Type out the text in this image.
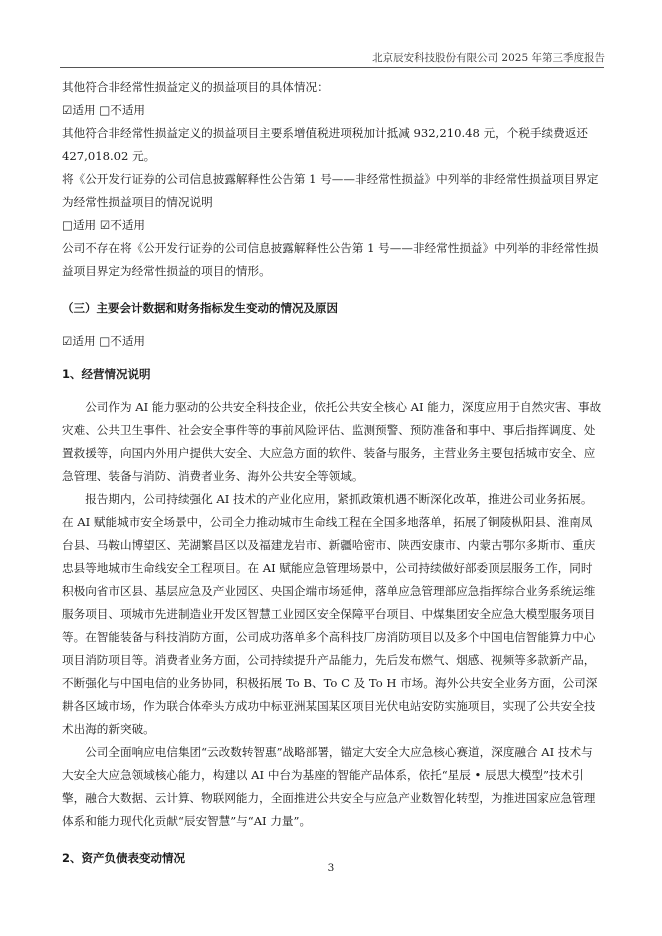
北京辰安科技股份有限公司 2025 年第三季度报告

其他符合非经常性损益定义的损益项目的具体情况：

☑适用 □不适用

其他符合非经常性损益定义的损益项目主要系增值税进项税加计抵减 932,210.48 元，个税手续费返还 427,018.02 元。

将《公开发行证券的公司信息披露解释性公告第 1 号——非经常性损益》中列举的非经常性损益项目界定为经常性损益项目的情况说明

□适用 ☑不适用

公司不存在将《公开发行证券的公司信息披露解释性公告第 1 号——非经常性损益》中列举的非经常性损益项目界定为经常性损益的项目的情形。

（三）主要会计数据和财务指标发生变动的情况及原因

☑适用 □不适用

1、经营情况说明

公司作为 AI 能力驱动的公共安全科技企业，依托公共安全核心 AI 能力，深度应用于自然灾害、事故灾难、公共卫生事件、社会安全事件等的事前风险评估、监测预警、预防准备和事中、事后指挥调度、处置救援等，向国内外用户提供大安全、大应急方面的软件、装备与服务，主营业务主要包括城市安全、应急管理、装备与消防、消费者业务、海外公共安全等领域。

报告期内，公司持续强化 AI 技术的产业化应用，紧抓政策机遇不断深化改革，推进公司业务拓展。在 AI 赋能城市安全场景中，公司全力推动城市生命线工程在全国多地落单，拓展了铜陵枞阳县、淮南凤台县、马鞍山博望区、芜湖繁昌区以及福建龙岩市、新疆哈密市、陕西安康市、内蒙古鄂尔多斯市、重庆忠县等地城市生命线安全工程项目。在 AI 赋能应急管理场景中，公司持续做好部委顶层服务工作，同时积极向省市区县、基层应急及产业园区、央国企端市场延伸，落单应急管理部应急指挥综合业务系统运维服务项目、项城市先进制造业开发区智慧工业园区安全保障平台项目、中煤集团安全应急大模型服务项目等。在智能装备与科技消防方面，公司成功落单多个高科技厂房消防项目以及多个中国电信智能算力中心项目消防项目等。消费者业务方面，公司持续提升产品能力，先后发布燃气、烟感、视频等多款新产品，不断强化与中国电信的业务协同，积极拓展 To B、To C 及 To H 市场。海外公共安全业务方面，公司深耕各区域市场，作为联合体牵头方成功中标亚洲某国某区项目光伏电站安防实施项目，实现了公共安全技术出海的新突破。

公司全面响应电信集团“云改数转智惠”战略部署，锚定大安全大应急核心赛道，深度融合 AI 技术与大安全大应急领域核心能力，构建以 AI 中台为基座的智能产品体系，依托“星辰 • 辰思大模型”技术引擎，融合大数据、云计算、物联网能力，全面推进公共安全与应急产业数智化转型，为推进国家应急管理体系和能力现代化贡献“辰安智慧”与“AI 力量”。

2、资产负债表变动情况

3
